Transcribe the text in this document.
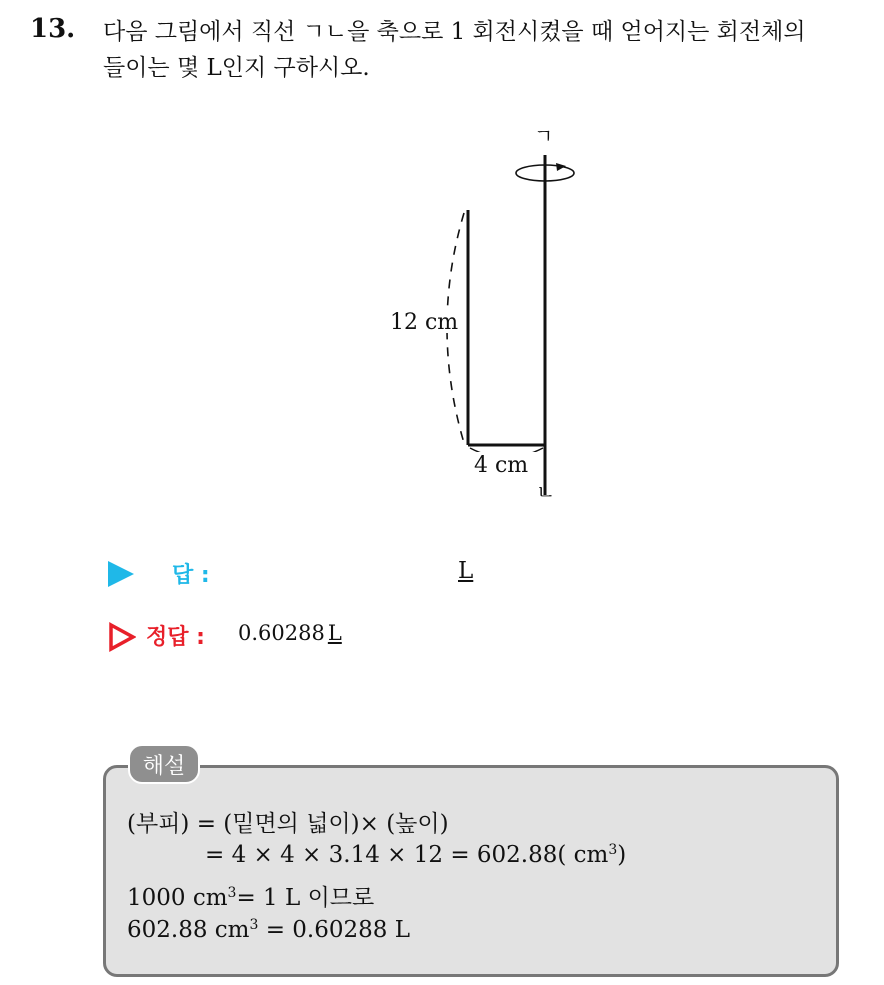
13. 다음 그림에서 직선 ㄱㄴ을 축으로 1 회전시켰을 때 얻어지는 회전체의
들이는 몇 L인지 구하시오.
ㄱ
ㄴ
12 cm
4 cm
답 :	L
정답 : 0.60288 L
해설
(부피) = (밑면의 넓이)× (높이)
= 4 × 4 × 3.14 × 12 = 602.88( $cm^3$)
1000 $cm^3= 1$ L 이므로
602.88 $cm^3 = 0.60288$ L
